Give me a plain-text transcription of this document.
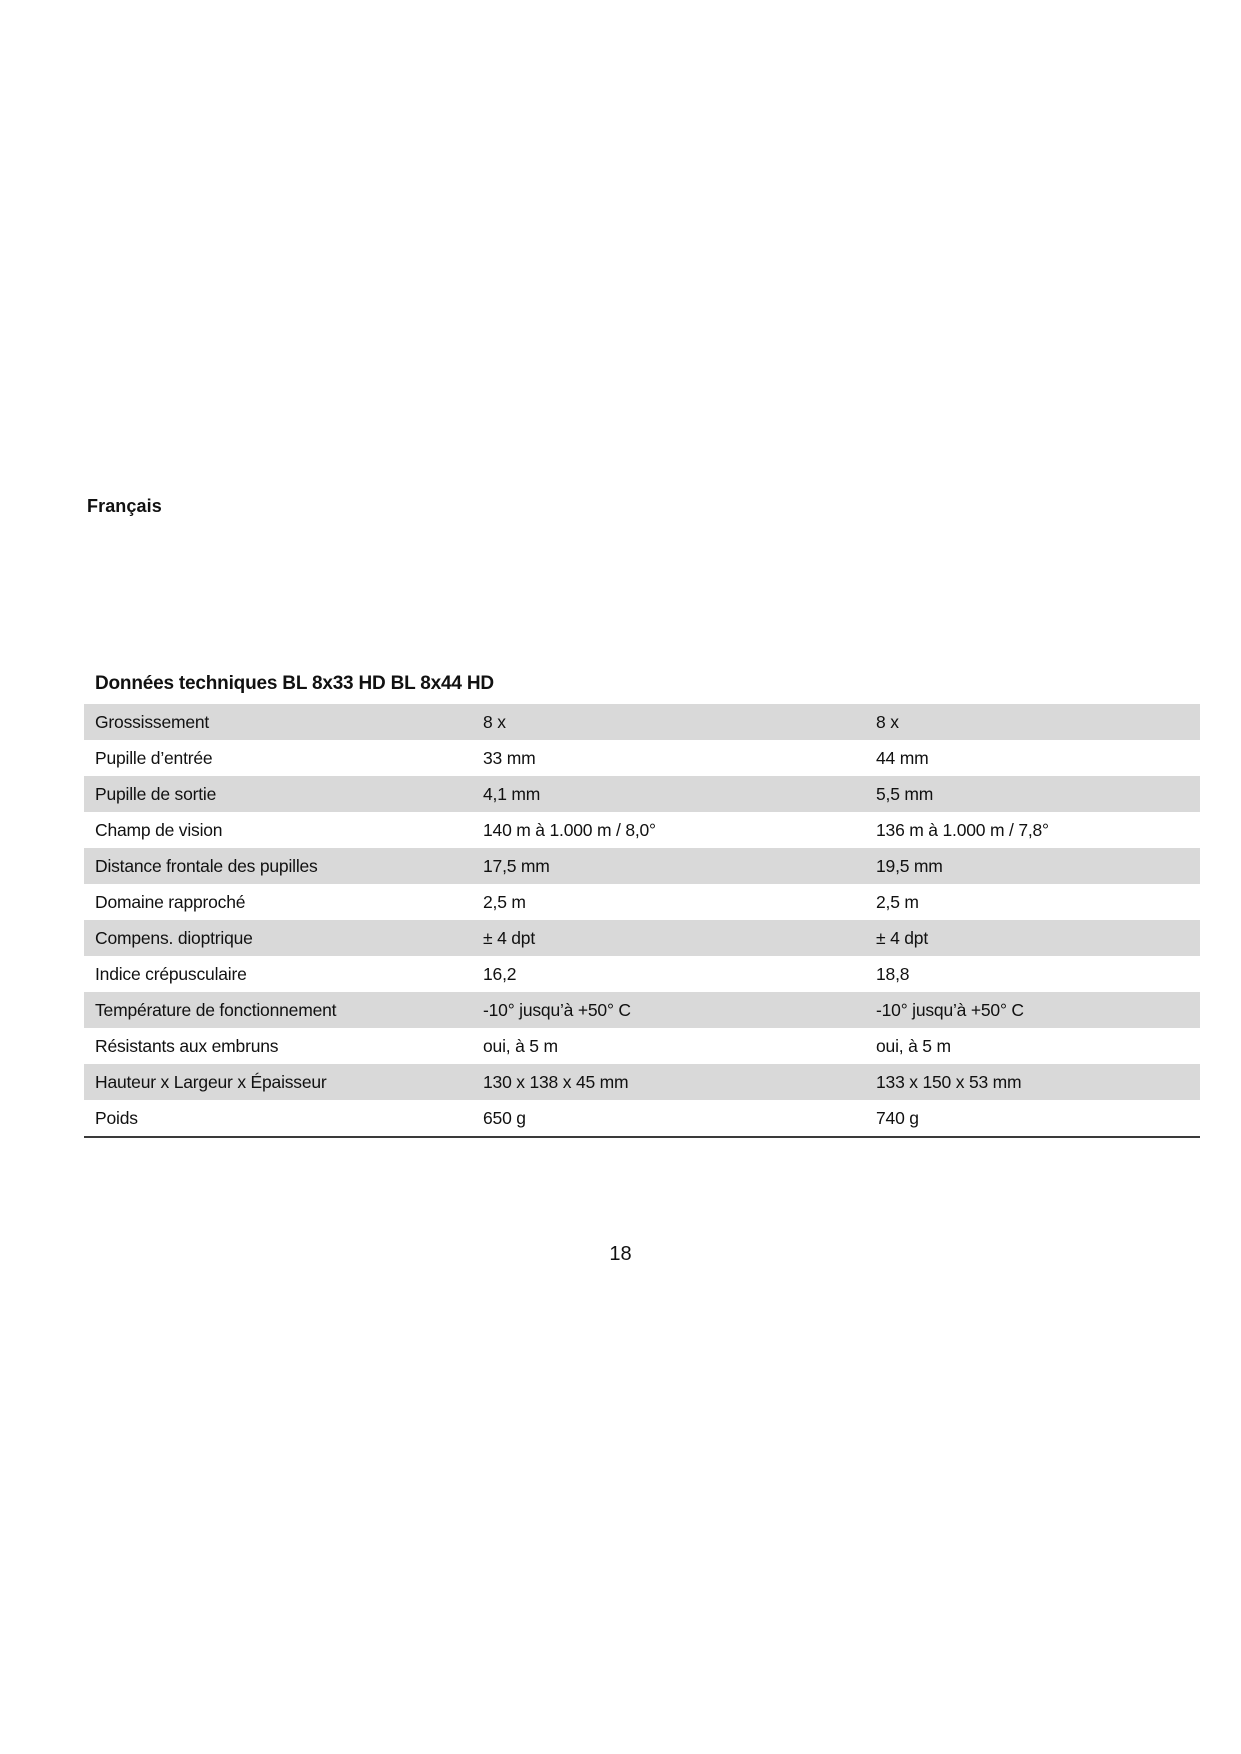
Français
Données techniques BL 8x33 HD BL 8x44 HD
Grossissement	8 x	8 x
Pupille d’entrée	33 mm	44 mm
Pupille de sortie	4,1 mm	5,5 mm
Champ de vision	140 m à 1.000 m / 8,0°	136 m à 1.000 m / 7,8°
Distance frontale des pupilles	17,5 mm	19,5 mm
Domaine rapproché	2,5 m	2,5 m
Compens. dioptrique	± 4 dpt	± 4 dpt
Indice crépusculaire	16,2	18,8
Température de fonctionnement	-10° jusqu’à +50° C	-10° jusqu’à +50° C
Résistants aux embruns	oui, à 5 m	oui, à 5 m
Hauteur x Largeur x Épaisseur	130 x 138 x 45 mm	133 x 150 x 53 mm
Poids	650 g	740 g
18
